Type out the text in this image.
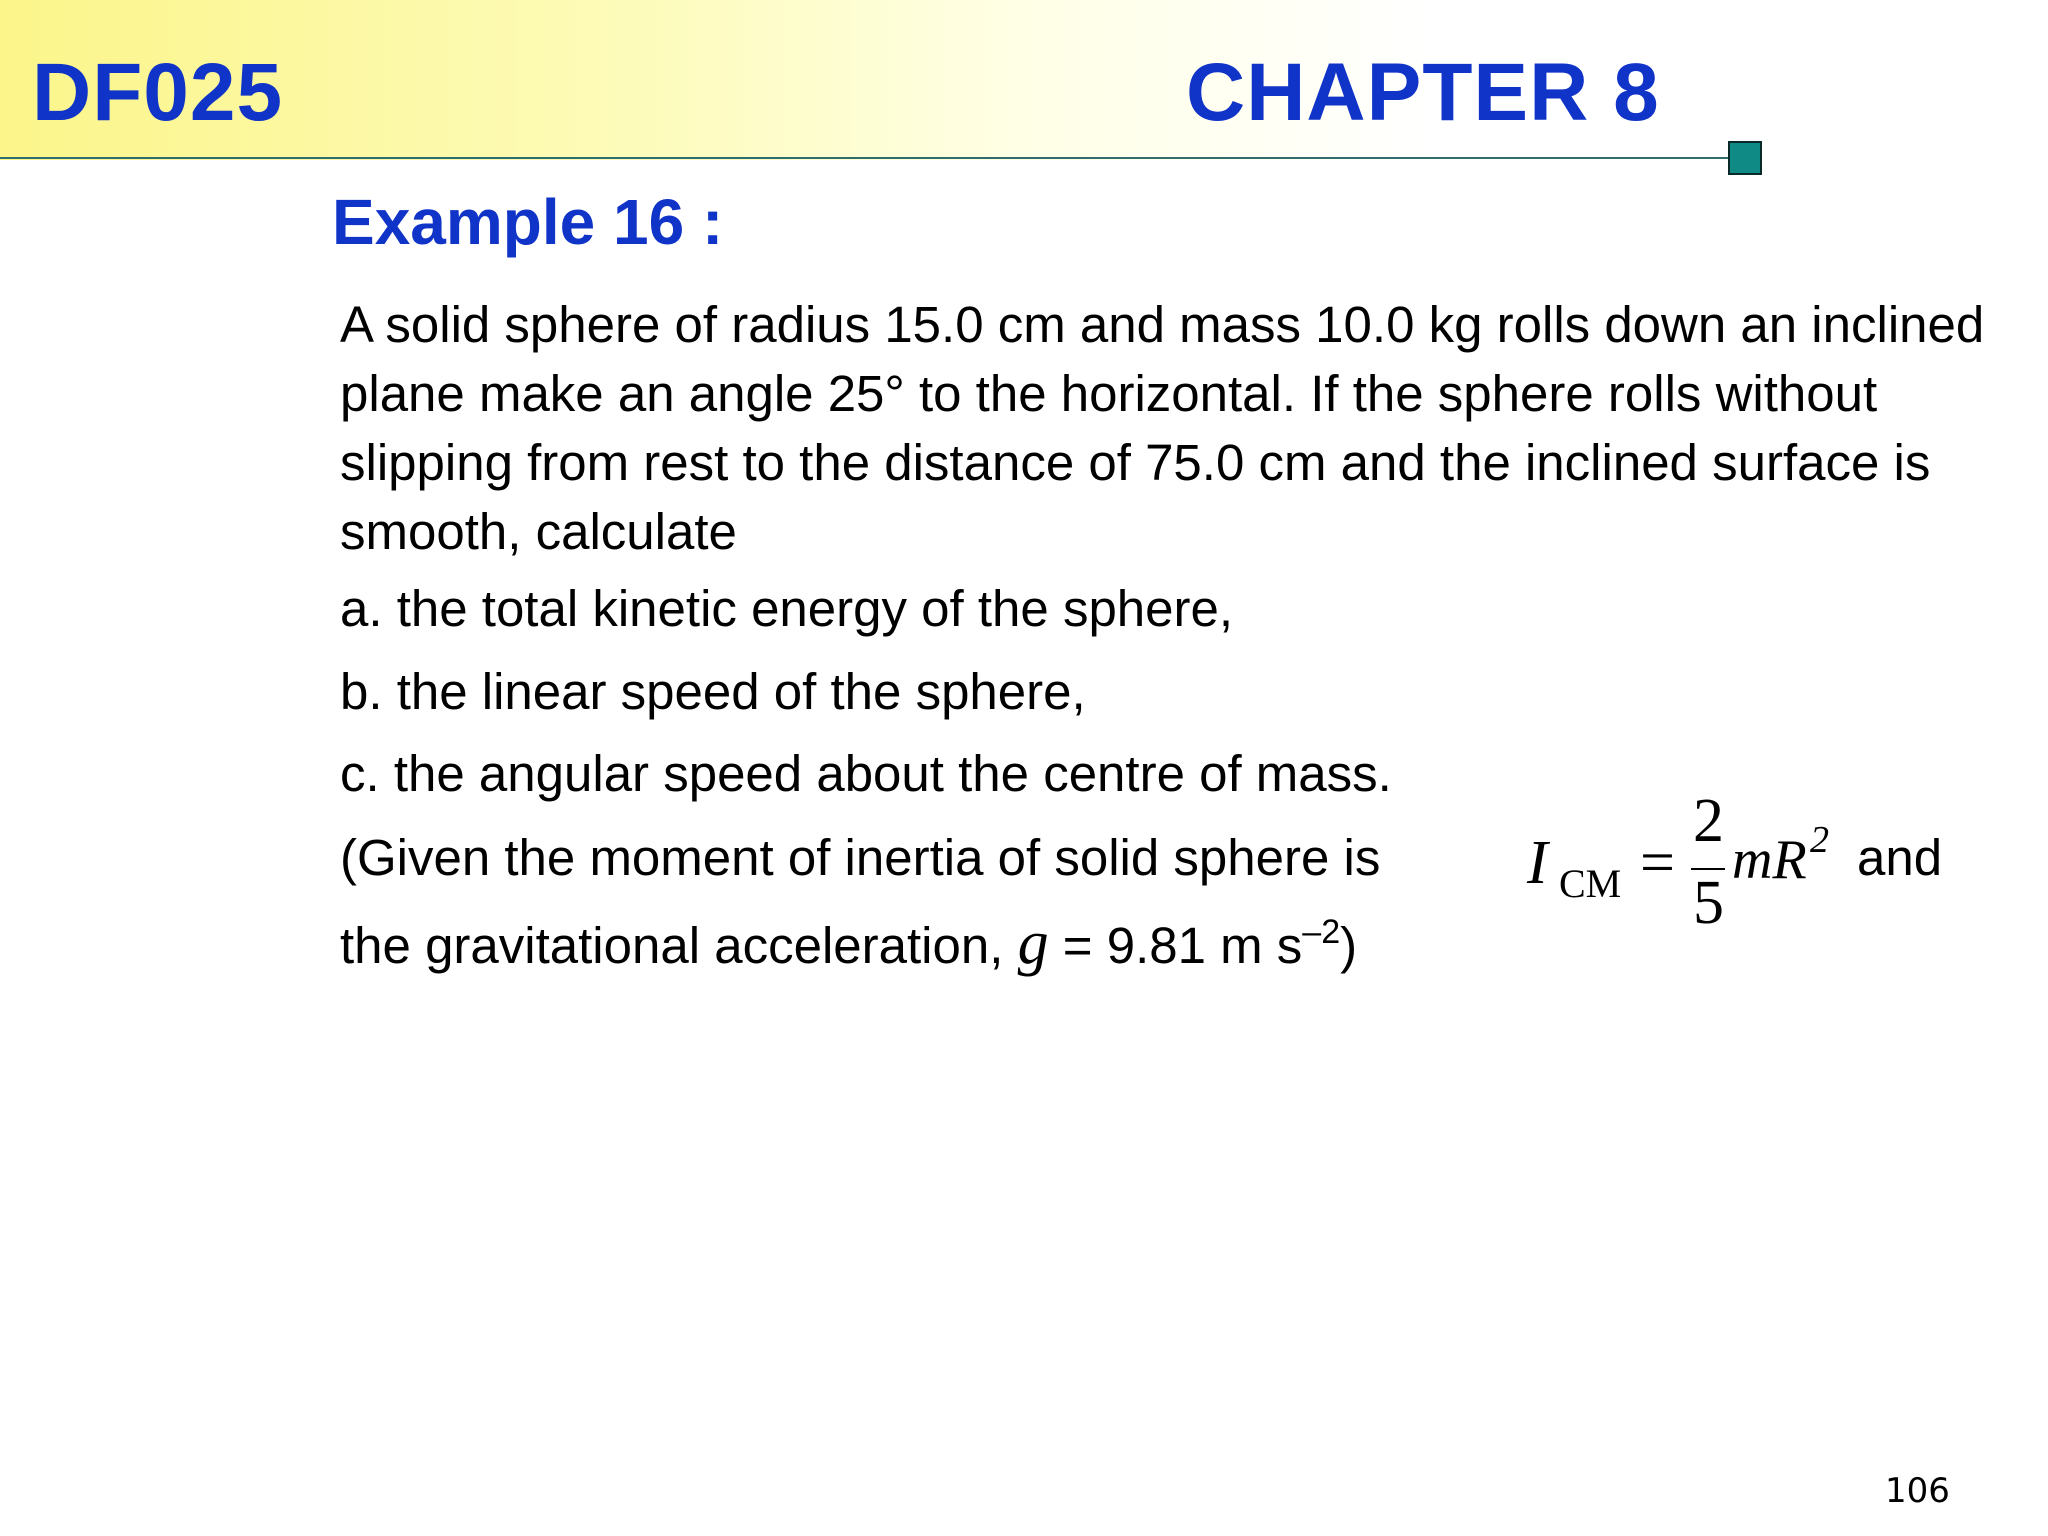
DF025	CHAPTER 8
Example 16 :
A solid sphere of radius 15.0 cm and mass 10.0 kg rolls down an inclined plane make an angle 25° to the horizontal. If the sphere rolls without slipping from rest to the distance of 75.0 cm and the inclined surface is smooth, calculate
a. the total kinetic energy of the sphere,
b. the linear speed of the sphere,
c. the angular speed about the centre of mass.
(Given the moment of inertia of solid sphere is I CM =
2
5
mR 2 and
the gravitational acceleration, g = 9.81 m $s^{-2}$)
106
